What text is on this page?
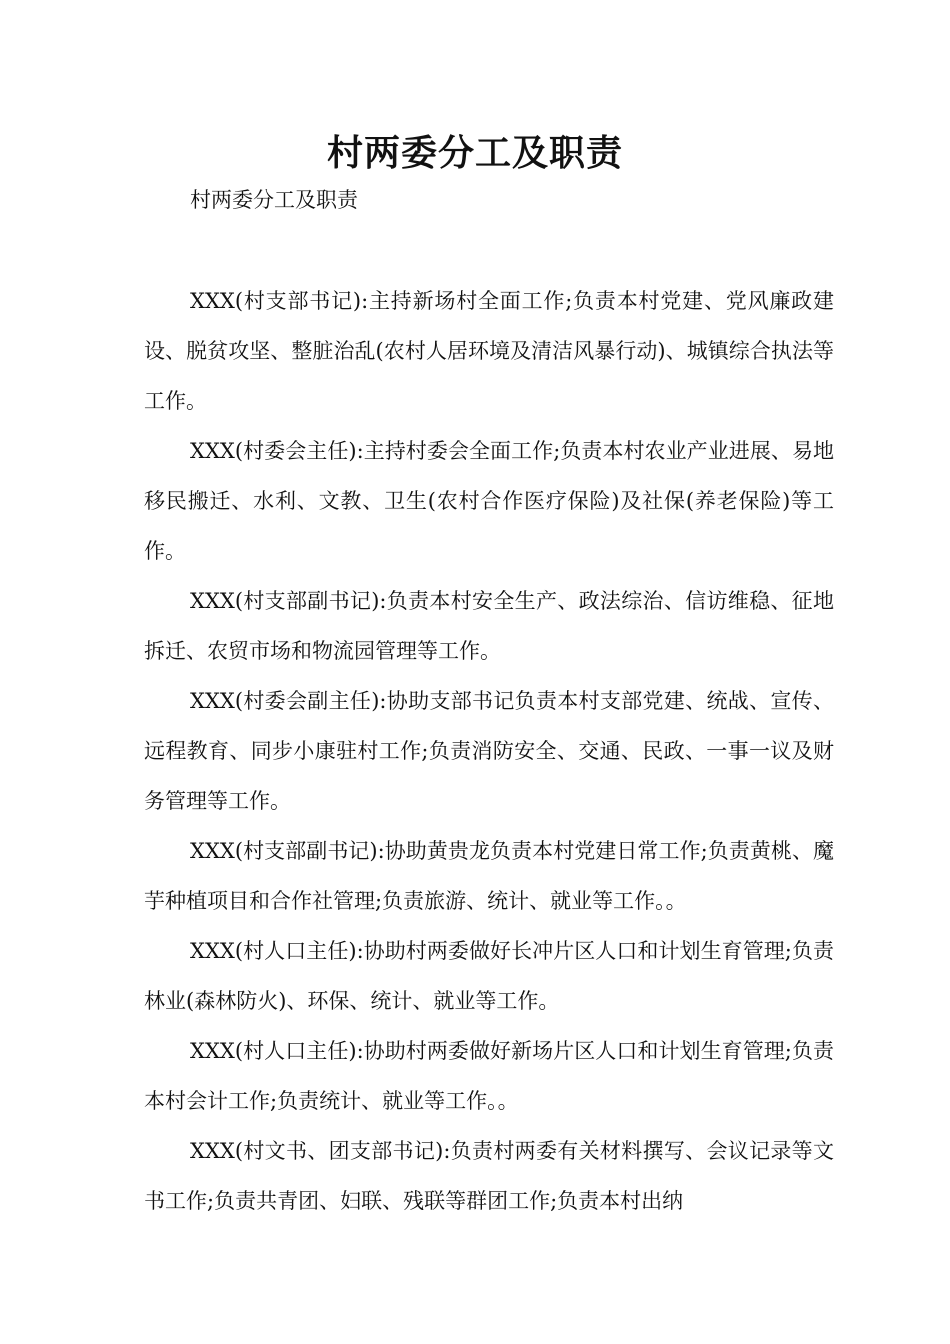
村两委分工及职责
村两委分工及职责

XXX(村支部书记):主持新场村全面工作;负责本村党建、党风廉政建设、脱贫攻坚、整脏治乱(农村人居环境及清洁风暴行动)、城镇综合执法等工作。

XXX(村委会主任):主持村委会全面工作;负责本村农业产业进展、易地移民搬迁、水利、文教、卫生(农村合作医疗保险)及社保(养老保险)等工作。

XXX(村支部副书记):负责本村安全生产、政法综治、信访维稳、征地拆迁、农贸市场和物流园管理等工作。

XXX(村委会副主任):协助支部书记负责本村支部党建、统战、宣传、远程教育、同步小康驻村工作;负责消防安全、交通、民政、一事一议及财务管理等工作。

XXX(村支部副书记):协助黄贵龙负责本村党建日常工作;负责黄桃、魔芋种植项目和合作社管理;负责旅游、统计、就业等工作。。

XXX(村人口主任):协助村两委做好长冲片区人口和计划生育管理;负责林业(森林防火)、环保、统计、就业等工作。

XXX(村人口主任):协助村两委做好新场片区人口和计划生育管理;负责本村会计工作;负责统计、就业等工作。。

XXX(村文书、团支部书记):负责村两委有关材料撰写、会议记录等文书工作;负责共青团、妇联、残联等群团工作;负责本村出纳
